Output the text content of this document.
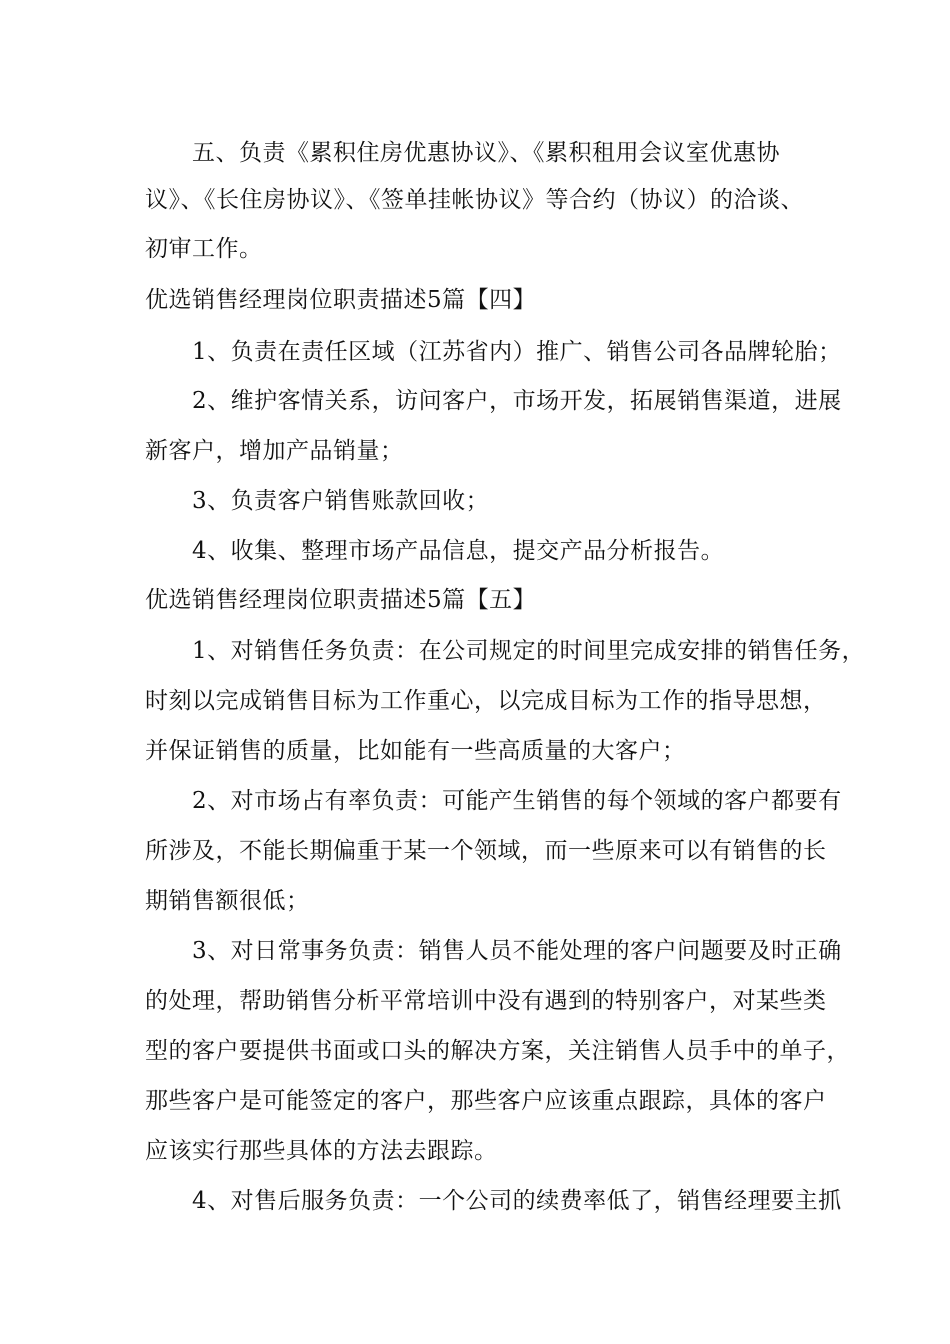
五、负责《累积住房优惠协议》、《累积租用会议室优惠协
议》、《长住房协议》、《签单挂帐协议》等合约（协议）的洽谈、
初审工作。
优选销售经理岗位职责描述5篇【四】
1、负责在责任区域（江苏省内）推广、销售公司各品牌轮胎；
2、维护客情关系，访问客户，市场开发，拓展销售渠道，进展
新客户，增加产品销量；
3、负责客户销售账款回收；
4、收集、整理市场产品信息，提交产品分析报告。
优选销售经理岗位职责描述5篇【五】
1、对销售任务负责：在公司规定的时间里完成安排的销售任务，
时刻以完成销售目标为工作重心，以完成目标为工作的指导思想，
并保证销售的质量，比如能有一些高质量的大客户；
2、对市场占有率负责：可能产生销售的每个领域的客户都要有
所涉及，不能长期偏重于某一个领域，而一些原来可以有销售的长
期销售额很低；
3、对日常事务负责：销售人员不能处理的客户问题要及时正确
的处理，帮助销售分析平常培训中没有遇到的特别客户，对某些类
型的客户要提供书面或口头的解决方案，关注销售人员手中的单子，
那些客户是可能签定的客户，那些客户应该重点跟踪，具体的客户
应该实行那些具体的方法去跟踪。
4、对售后服务负责：一个公司的续费率低了，销售经理要主抓
